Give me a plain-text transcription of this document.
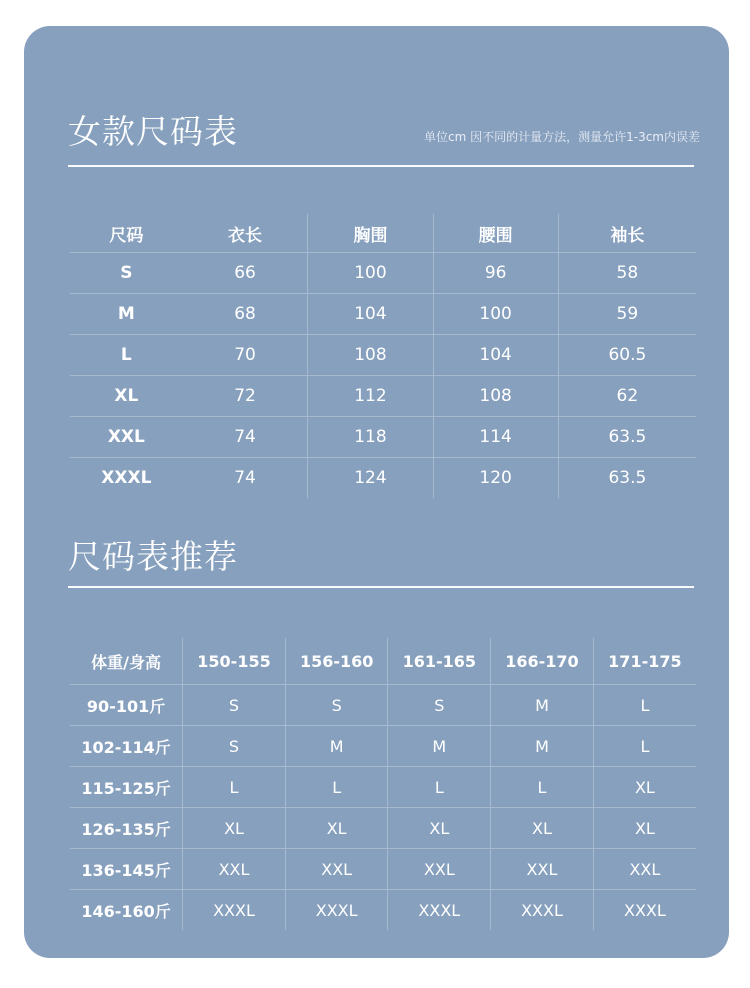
女款尺码表	单位cm 因不同的计量方法，测量允许1-3cm内误差
尺码	衣长	胸围	腰围	袖长
S	66	100	96	58
M	68	104	100	59
L	70	108	104	60.5
XL	72	112	108	62
XXL	74	118	114	63.5
XXXL	74	124	120	63.5
尺码表推荐
体重/身高	150-155	156-160	161-165	166-170	171-175
90-101斤	S	S	S	M	L
102-114斤	S	M	M	M	L
115-125斤	L	L	L	L	XL
126-135斤	XL	XL	XL	XL	XL
136-145斤	XXL	XXL	XXL	XXL	XXL
146-160斤	XXXL	XXXL	XXXL	XXXL	XXXL
